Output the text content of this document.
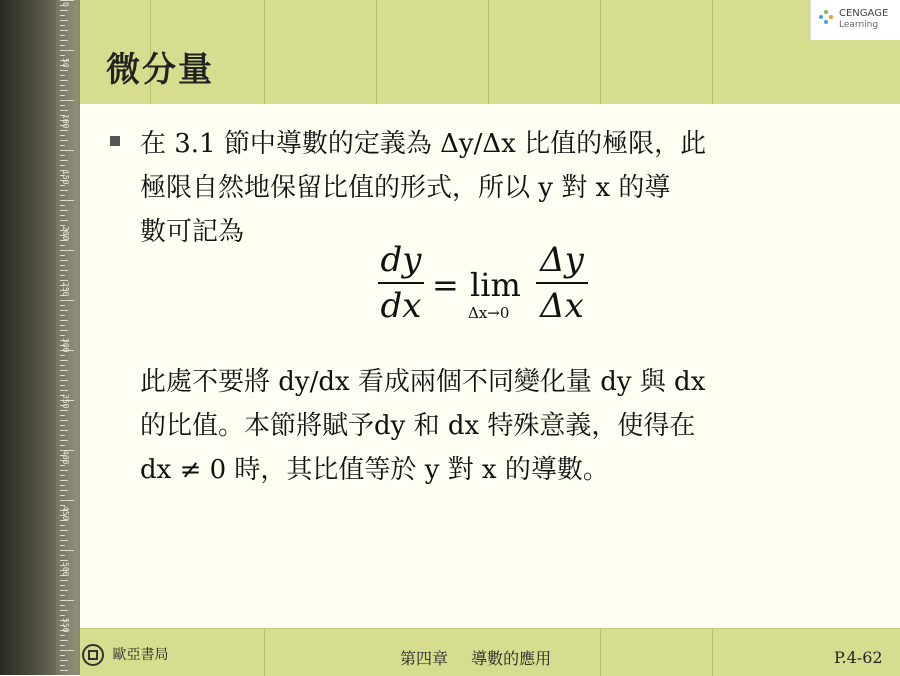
0
50
100
150
200
250
300
350
400
450
500
550
微分量
CENGAGE
Learning
在 3.1 節中導數的定義為 Δy/Δx 比值的極限，此
極限自然地保留比值的形式，所以 y 對 x 的導
數可記為
dy
dx
= lim
Δx→0
Δy
Δx
此處不要將 dy/dx 看成兩個不同變化量 dy 與 dx
的比值。本節將賦予dy 和 dx 特殊意義，使得在
dx ≠ 0 時，其比值等於 y 對 x 的導數。
歐亞書局	第四章 導數的應用	P.4-62
